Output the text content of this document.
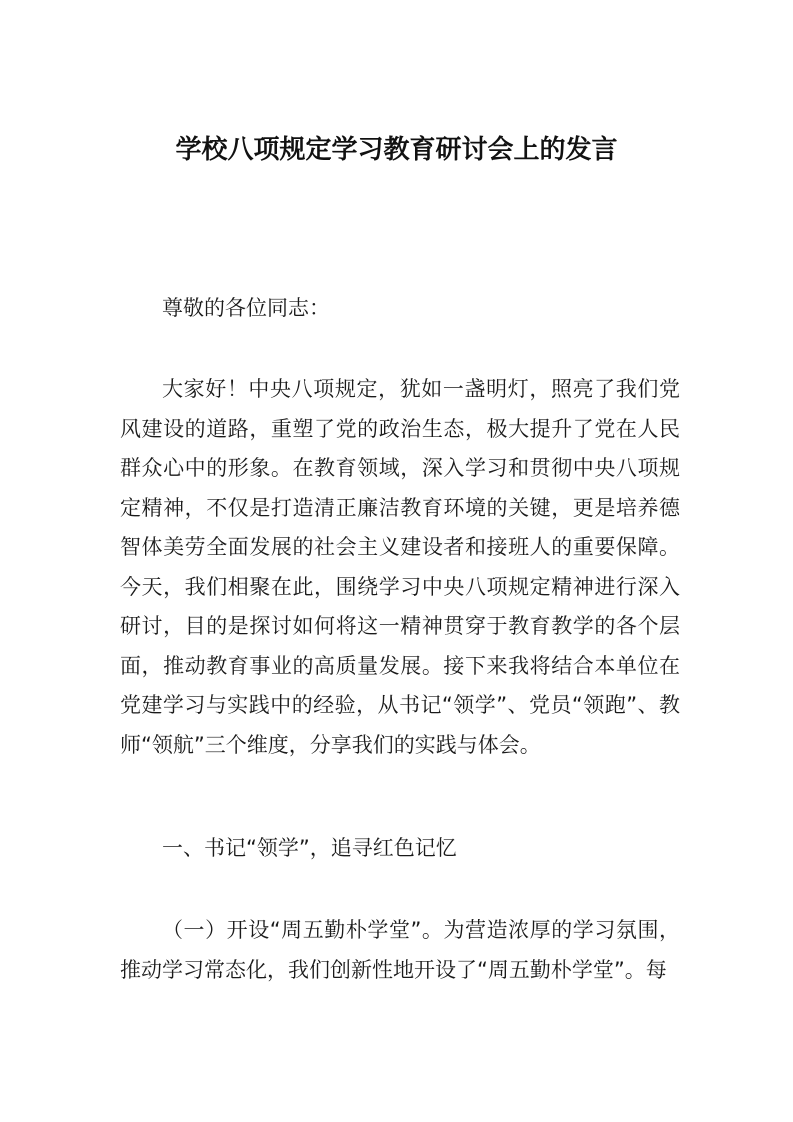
学校八项规定学习教育研讨会上的发言
尊敬的各位同志：
大家好！中央八项规定，犹如一盏明灯，照亮了我们党风建设的道路，重塑了党的政治生态，极大提升了党在人民群众心中的形象。在教育领域，深入学习和贯彻中央八项规定精神，不仅是打造清正廉洁教育环境的关键，更是培养德智体美劳全面发展的社会主义建设者和接班人的重要保障。今天，我们相聚在此，围绕学习中央八项规定精神进行深入研讨，目的是探讨如何将这一精神贯穿于教育教学的各个层面，推动教育事业的高质量发展。接下来我将结合本单位在党建学习与实践中的经验，从书记“领学”、党员“领跑”、教师“领航”三个维度，分享我们的实践与体会。
一、书记“领学”，追寻红色记忆
（一）开设“周五勤朴学堂”。为营造浓厚的学习氛围，推动学习常态化，我们创新性地开设了“周五勤朴学堂”。每
